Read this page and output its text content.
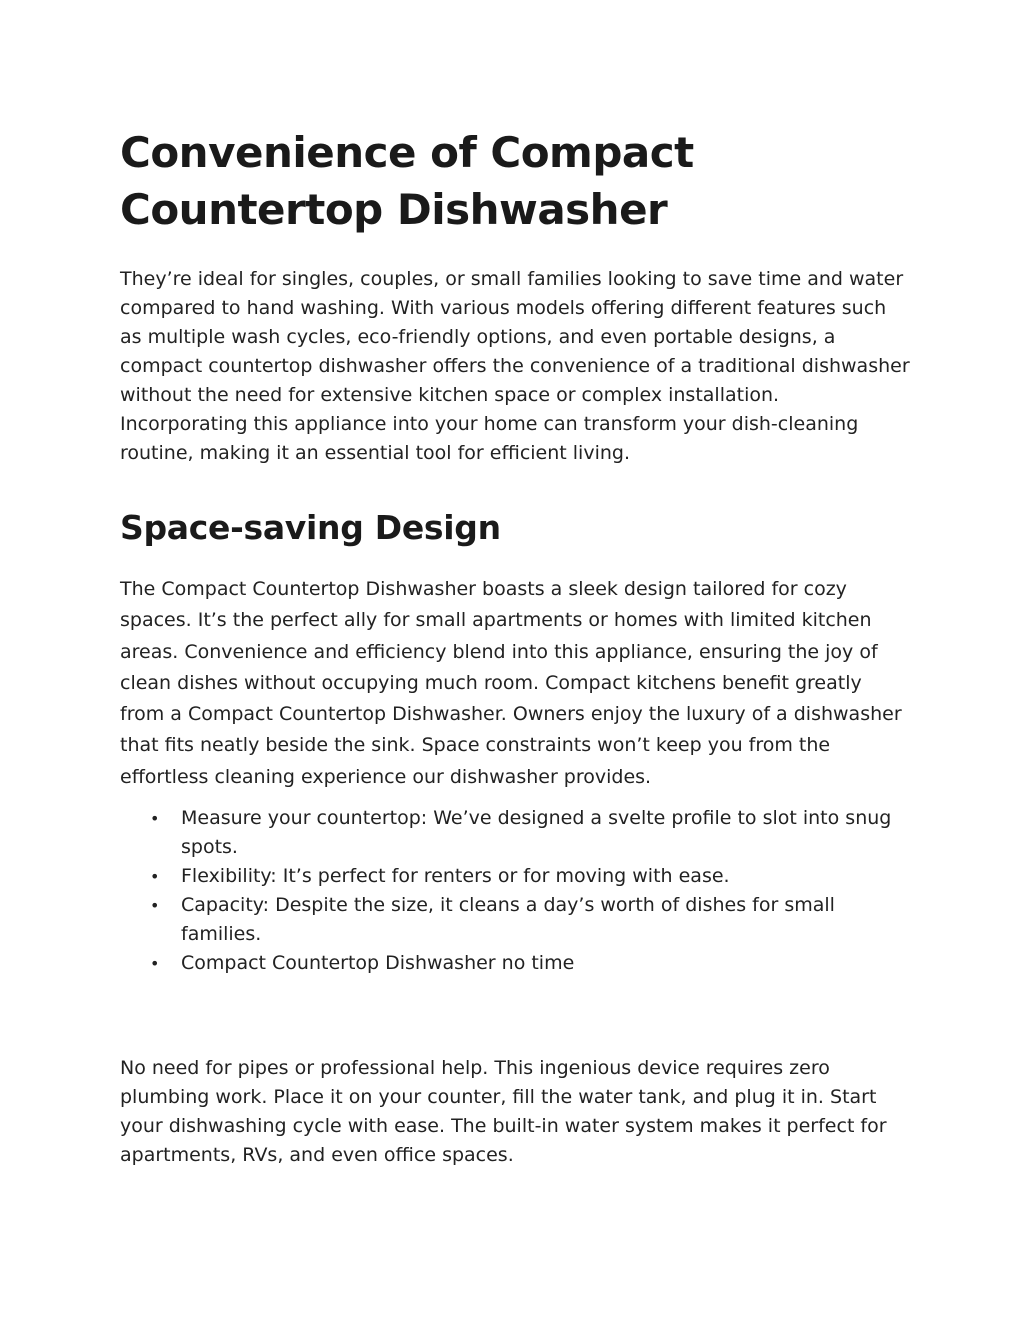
Convenience of Compact Countertop Dishwasher

They’re ideal for singles, couples, or small families looking to save time and water compared to hand washing. With various models offering different features such as multiple wash cycles, eco-friendly options, and even portable designs, a compact countertop dishwasher offers the convenience of a traditional dishwasher without the need for extensive kitchen space or complex installation. Incorporating this appliance into your home can transform your dish-cleaning routine, making it an essential tool for efficient living.

Space-saving Design

The Compact Countertop Dishwasher boasts a sleek design tailored for cozy spaces. It’s the perfect ally for small apartments or homes with limited kitchen areas. Convenience and efficiency blend into this appliance, ensuring the joy of clean dishes without occupying much room. Compact kitchens benefit greatly from a Compact Countertop Dishwasher. Owners enjoy the luxury of a dishwasher that fits neatly beside the sink. Space constraints won’t keep you from the effortless cleaning experience our dishwasher provides.

• Measure your countertop: We’ve designed a svelte profile to slot into snug spots.
• Flexibility: It’s perfect for renters or for moving with ease.
• Capacity: Despite the size, it cleans a day’s worth of dishes for small families.
• Compact Countertop Dishwasher no time

No need for pipes or professional help. This ingenious device requires zero plumbing work. Place it on your counter, fill the water tank, and plug it in. Start your dishwashing cycle with ease. The built-in water system makes it perfect for apartments, RVs, and even office spaces.
